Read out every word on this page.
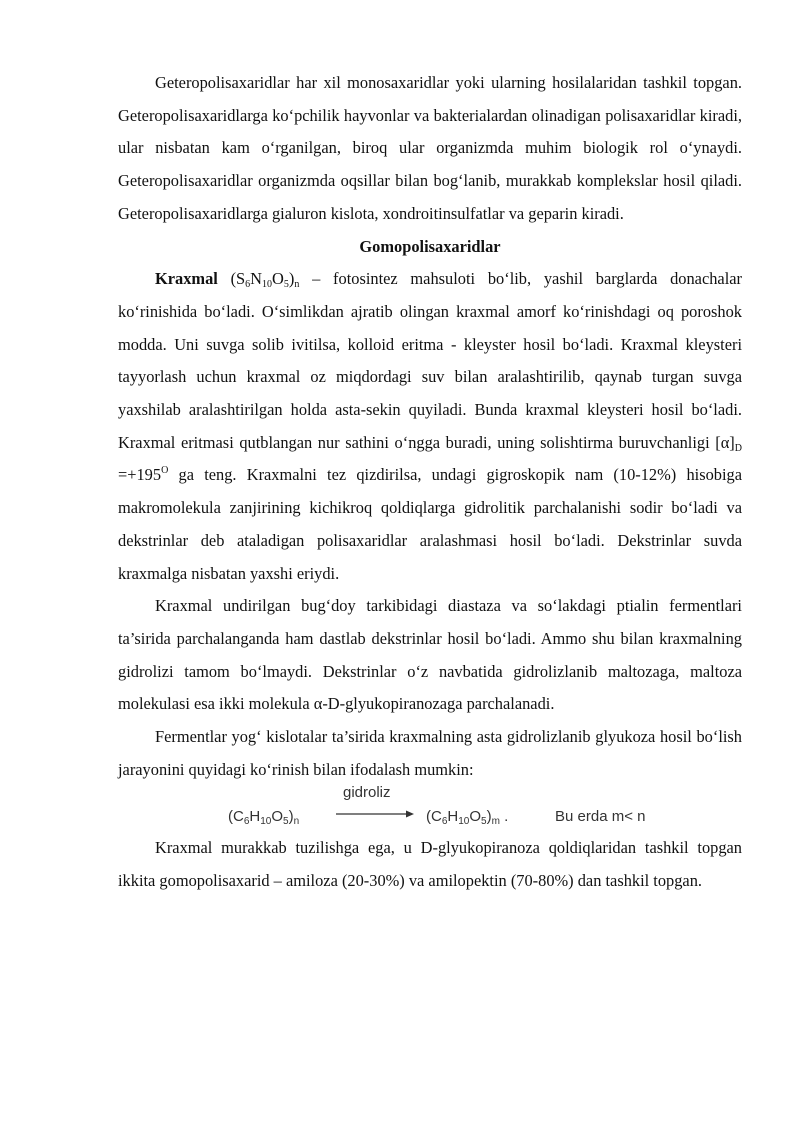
Geteropolisaxaridlar har xil monosaxaridlar yoki ularning hosilalaridan tashkil topgan. Geteropolisaxaridlarga ko‘pchilik hayvonlar va bakterialardan olinadigan polisaxaridlar kiradi, ular nisbatan kam o‘rganilgan, biroq ular organizmda muhim biologik rol o‘ynaydi. Geteropolisaxaridlar organizmda oqsillar bilan bog‘lanib, murakkab komplekslar hosil qiladi. Geteropolisaxaridlarga gialuron kislota, xondroitinsulfatlar va geparin kiradi.

Gomopolisaxaridlar

Kraxmal $(S_6N_{10}O_5)_n$ – fotosintez mahsuloti bo‘lib, yashil barglarda donachalar ko‘rinishida bo‘ladi. O‘simlikdan ajratib olingan kraxmal amorf ko‘rinishdagi oq poroshok modda. Uni suvga solib ivitilsa, kolloid eritma - kleyster hosil bo‘ladi. Kraxmal kleysteri tayyorlash uchun kraxmal oz miqdordagi suv bilan aralashtirilib, qaynab turgan suvga yaxshilab aralashtirilgan holda asta-sekin quyiladi. Bunda kraxmal kleysteri hosil bo‘ladi. Kraxmal eritmasi qutblangan nur sathini o‘ngga buradi, uning solishtirma buruvchanligi $[\alpha]_D =+195^O$ ga teng. Kraxmalni tez qizdirilsa, undagi gigroskopik nam (10-12%) hisobiga makromolekula zanjirining kichikroq qoldiqlarga gidrolitik parchalanishi sodir bo‘ladi va dekstrinlar deb ataladigan polisaxaridlar aralashmasi hosil bo‘ladi. Dekstrinlar suvda kraxmalga nisbatan yaxshi eriydi.

Kraxmal undirilgan bug‘doy tarkibidagi diastaza va so‘lakdagi ptialin fermentlari ta’sirida parchalanganda ham dastlab dekstrinlar hosil bo‘ladi. Ammo shu bilan kraxmalning gidrolizi tamom bo‘lmaydi. Dekstrinlar o‘z navbatida gidrolizlanib maltozaga, maltoza molekulasi esa ikki molekula α-D-glyukopiranozaga parchalanadi.

Fermentlar yog‘ kislotalar ta’sirida kraxmalning asta gidrolizlanib glyukoza hosil bo‘lish jarayonini quyidagi ko‘rinish bilan ifodalash mumkin:

$(C_6H_{10}O_5)_n$
gidroliz
$(C_6H_{10}O_5)_m$ .	Bu erda m< n

Kraxmal murakkab tuzilishga ega, u D-glyukopiranoza qoldiqlaridan tashkil topgan ikkita gomopolisaxarid – amiloza (20-30%) va amilopektin (70-80%) dan tashkil topgan.
